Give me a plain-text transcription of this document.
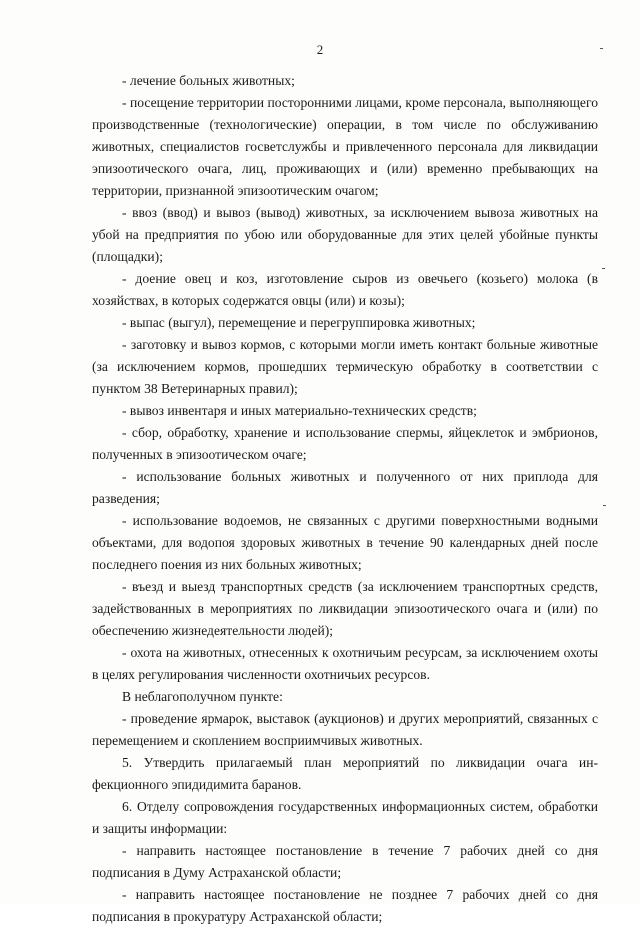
2

- лечение больных животных;

- посещение территории посторонними лицами, кроме персонала, выполняющего производственные (технологические) операции, в том числе по обслуживанию животных, специалистов госветслужбы и привлеченного персонала для ликвидации эпизоотического очага, лиц, проживающих и (или) временно пребывающих на территории, признанной эпизоотическим очагом;

- ввоз (ввод) и вывоз (вывод) животных, за исключением вывоза животных на убой на предприятия по убою или оборудованные для этих целей убойные пункты (площадки);

- доение овец и коз, изготовление сыров из овечьего (козьего) молока (в хозяйствах, в которых содержатся овцы (или) и козы);

- выпас (выгул), перемещение и перегруппировка животных;

- заготовку и вывоз кормов, с которыми могли иметь контакт больные животные (за исключением кормов, прошедших термическую обработку в соответствии с пунктом 38 Ветеринарных правил);

- вывоз инвентаря и иных материально-технических средств;

- сбор, обработку, хранение и использование спермы, яйцеклеток и эмбрионов, полученных в эпизоотическом очаге;

- использование больных животных и полученного от них приплода для разведения;

- использование водоемов, не связанных с другими поверхностными водными объектами, для водопоя здоровых животных в течение 90 календарных дней после последнего поения из них больных животных;

- въезд и выезд транспортных средств (за исключением транспортных средств, задействованных в мероприятиях по ликвидации эпизоотического очага и (или) по обеспечению жизнедеятельности людей);

- охота на животных, отнесенных к охотничьим ресурсам, за исключением охоты в целях регулирования численности охотничьих ресурсов.

В неблагополучном пункте:

- проведение ярмарок, выставок (аукционов) и других мероприятий, связанных с перемещением и скоплением восприимчивых животных.

5. Утвердить прилагаемый план мероприятий по ликвидации очага инфекционного эпидидимита баранов.

6. Отделу сопровождения государственных информационных систем, обработки и защиты информации:

- направить настоящее постановление в течение 7 рабочих дней со дня подписания в Думу Астраханской области;

- направить настоящее постановление не позднее 7 рабочих дней со дня подписания в прокуратуру Астраханской области;
